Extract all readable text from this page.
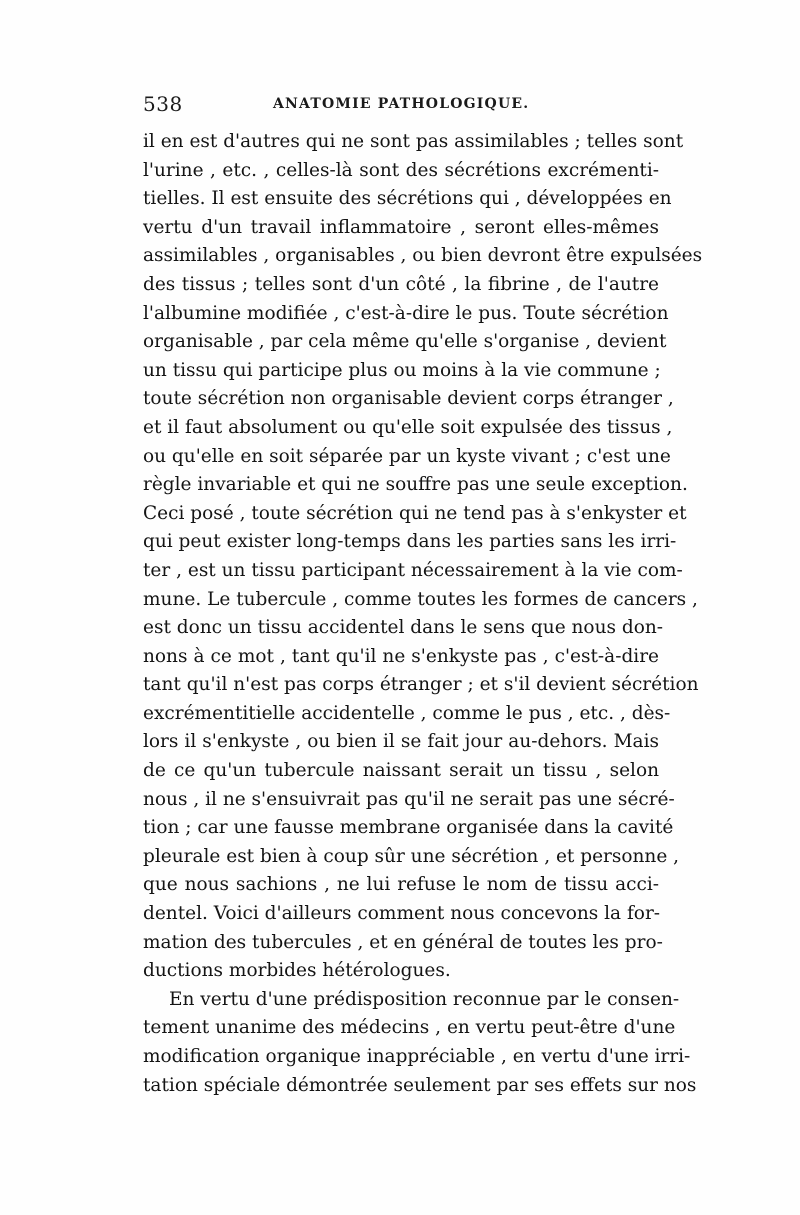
538	ANATOMIE PATHOLOGIQUE.
il en est d'autres qui ne sont pas assimilables ; telles sont
l'urine , etc. , celles-là sont des sécrétions excrémenti-
tielles. Il est ensuite des sécrétions qui , développées en
vertu d'un travail inflammatoire , seront elles-mêmes
assimilables , organisables , ou bien devront être expulsées
des tissus ; telles sont d'un côté , la fibrine , de l'autre
l'albumine modifiée , c'est-à-dire le pus. Toute sécrétion
organisable , par cela même qu'elle s'organise , devient
un tissu qui participe plus ou moins à la vie commune ;
toute sécrétion non organisable devient corps étranger ,
et il faut absolument ou qu'elle soit expulsée des tissus ,
ou qu'elle en soit séparée par un kyste vivant ; c'est une
règle invariable et qui ne souffre pas une seule exception.
Ceci posé , toute sécrétion qui ne tend pas à s'enkyster et
qui peut exister long-temps dans les parties sans les irri-
ter , est un tissu participant nécessairement à la vie com-
mune. Le tubercule , comme toutes les formes de cancers ,
est donc un tissu accidentel dans le sens que nous don-
nons à ce mot , tant qu'il ne s'enkyste pas , c'est-à-dire
tant qu'il n'est pas corps étranger ; et s'il devient sécrétion
excrémentitielle accidentelle , comme le pus , etc. , dès-
lors il s'enkyste , ou bien il se fait jour au-dehors. Mais
de ce qu'un tubercule naissant serait un tissu , selon
nous , il ne s'ensuivrait pas qu'il ne serait pas une sécré-
tion ; car une fausse membrane organisée dans la cavité
pleurale est bien à coup sûr une sécrétion , et personne ,
que nous sachions , ne lui refuse le nom de tissu acci-
dentel. Voici d'ailleurs comment nous concevons la for-
mation des tubercules , et en général de toutes les pro-
ductions morbides hétérologues.
En vertu d'une prédisposition reconnue par le consen-
tement unanime des médecins , en vertu peut-être d'une
modification organique inappréciable , en vertu d'une irri-
tation spéciale démontrée seulement par ses effets sur nos
